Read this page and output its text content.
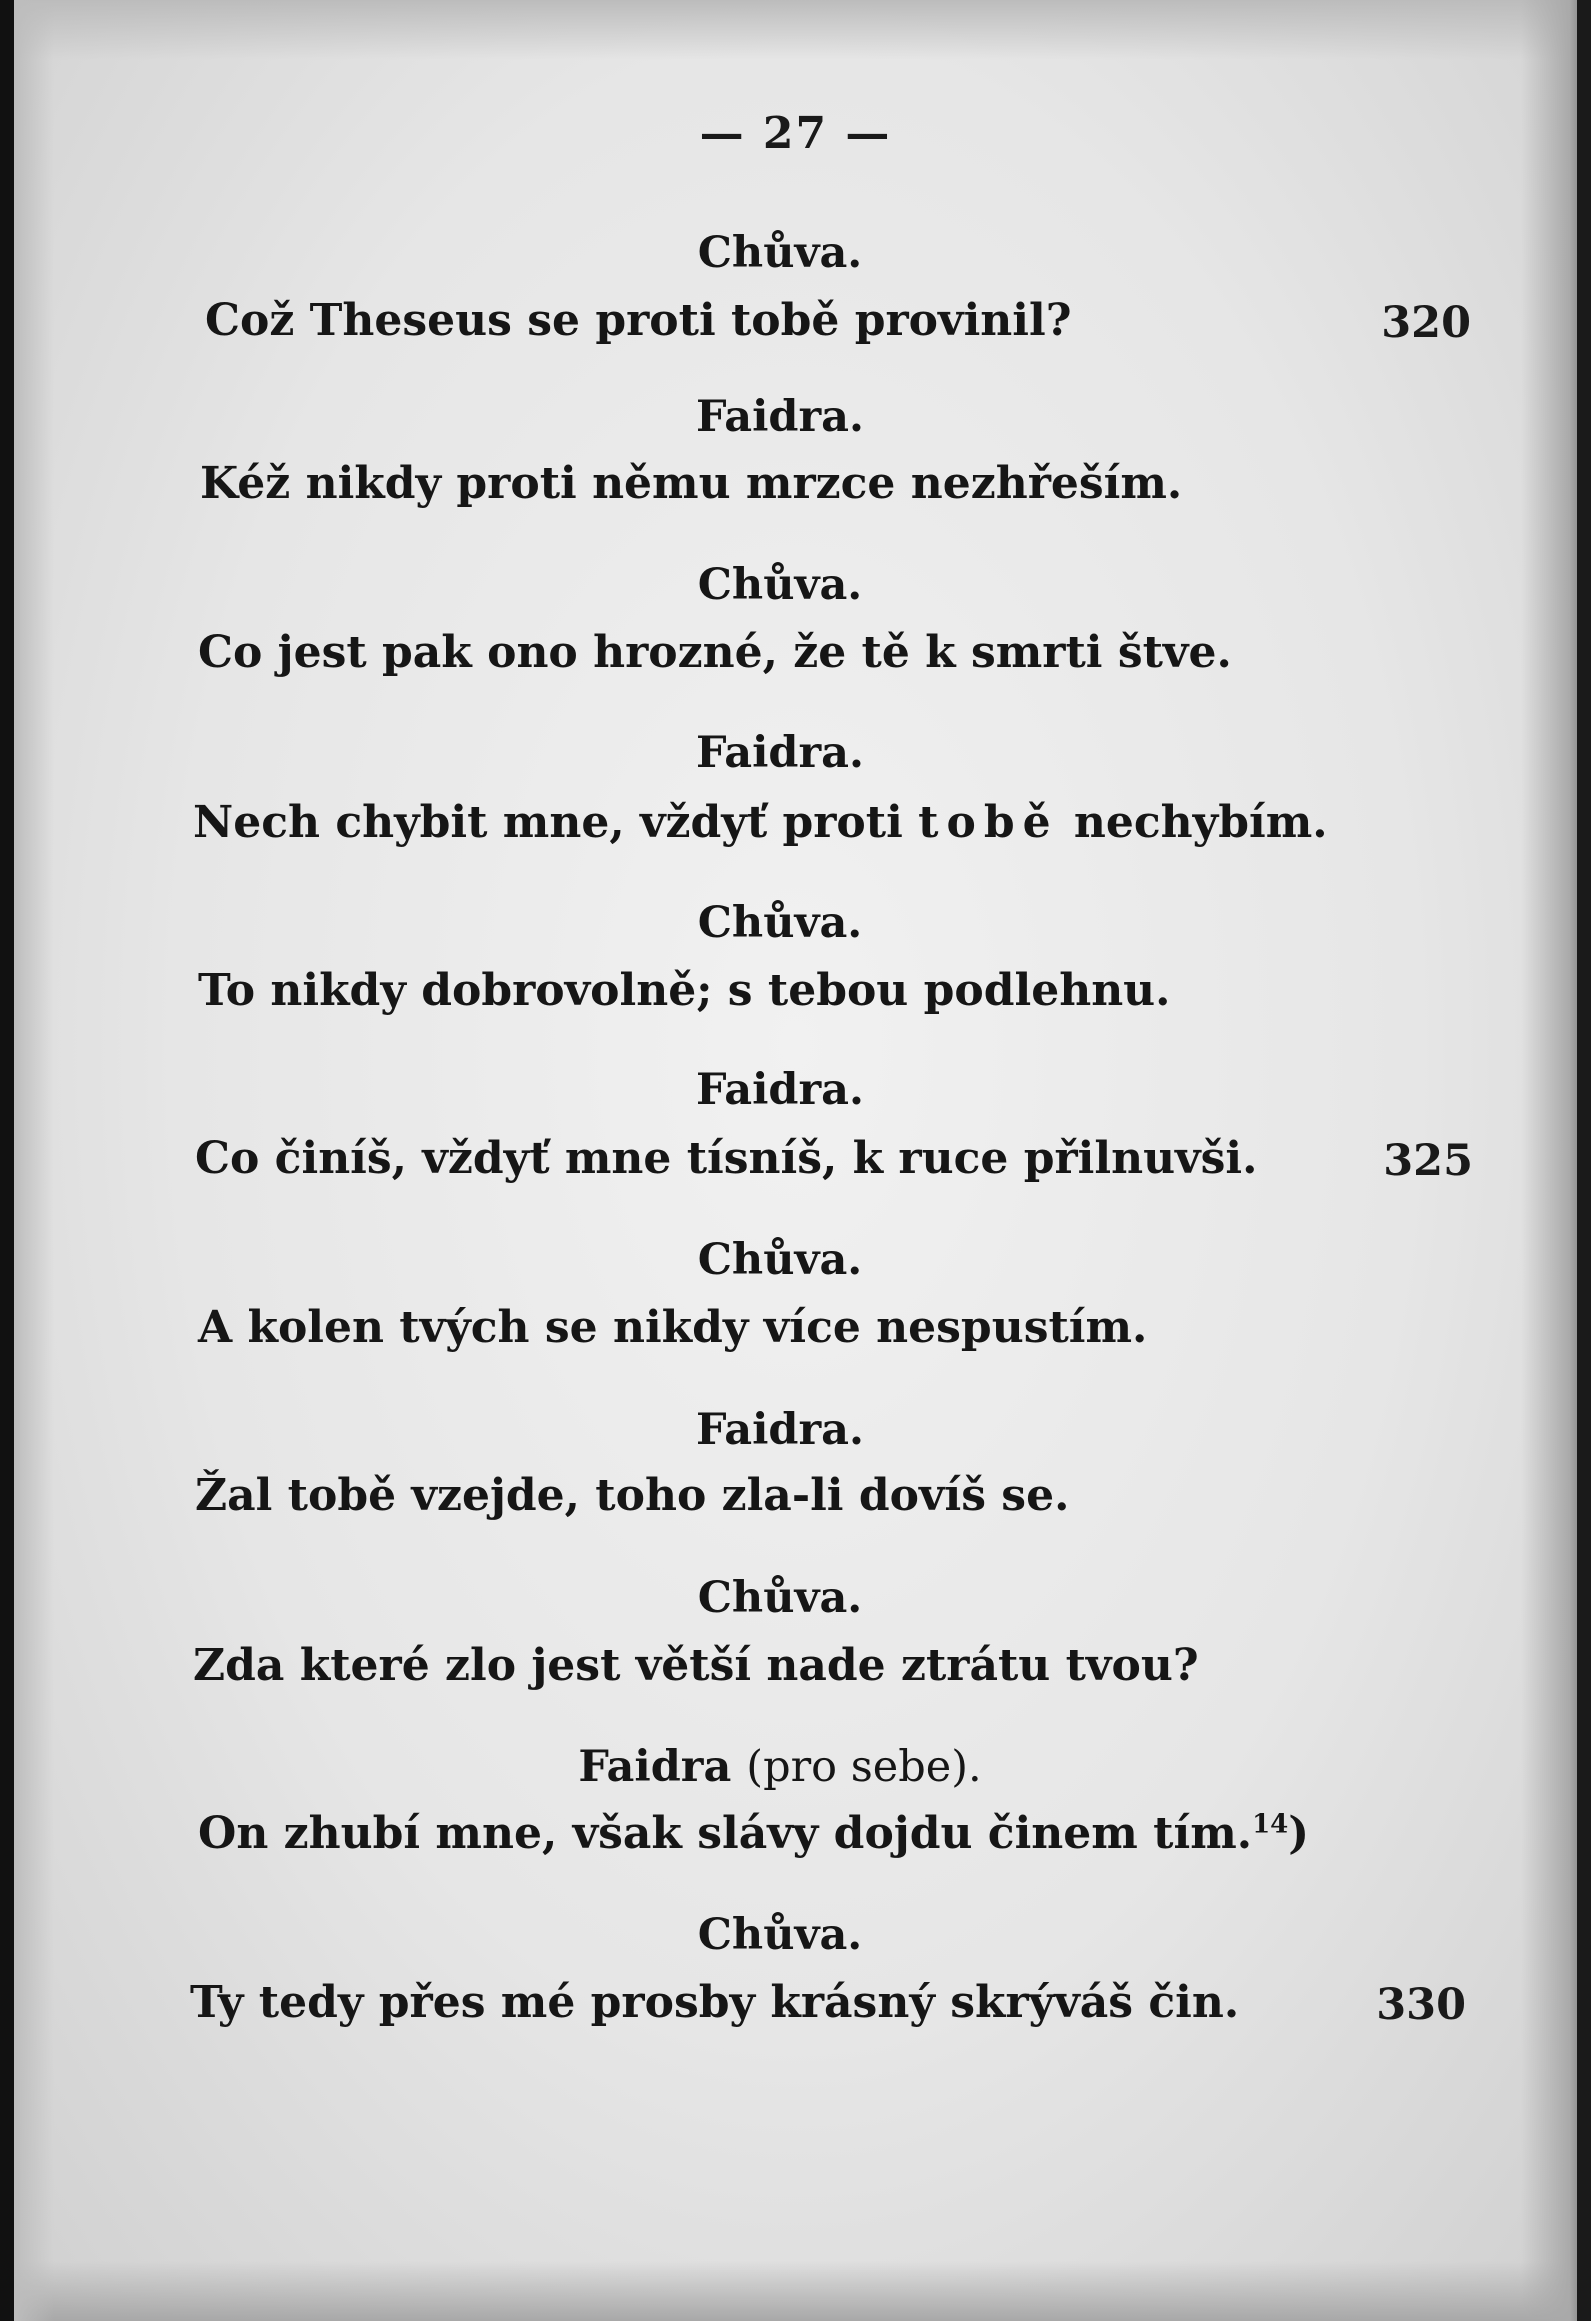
— 27 —
Chůva.
Což Theseus se proti tobě provinil?	320
Faidra.
Kéž nikdy proti němu mrzce nezhřeším.
Chůva.
Co jest pak ono hrozné, že tě k smrti štve.
Faidra.
Nech chybit mne, vždyť proti tobě nechybím.
Chůva.
To nikdy dobrovolně; s tebou podlehnu.
Faidra.
Co činíš, vždyť mne tísníš, k ruce přilnuvši.	325
Chůva.
A kolen tvých se nikdy více nespustím.
Faidra.
Žal tobě vzejde, toho zla-li dovíš se.
Chůva.
Zda které zlo jest větší nade ztrátu tvou?
Faidra (pro sebe).
On zhubí mne, však slávy dojdu činem tím.$^{14}$)
Chůva.
Ty tedy přes mé prosby krásný skrýváš čin.	330
